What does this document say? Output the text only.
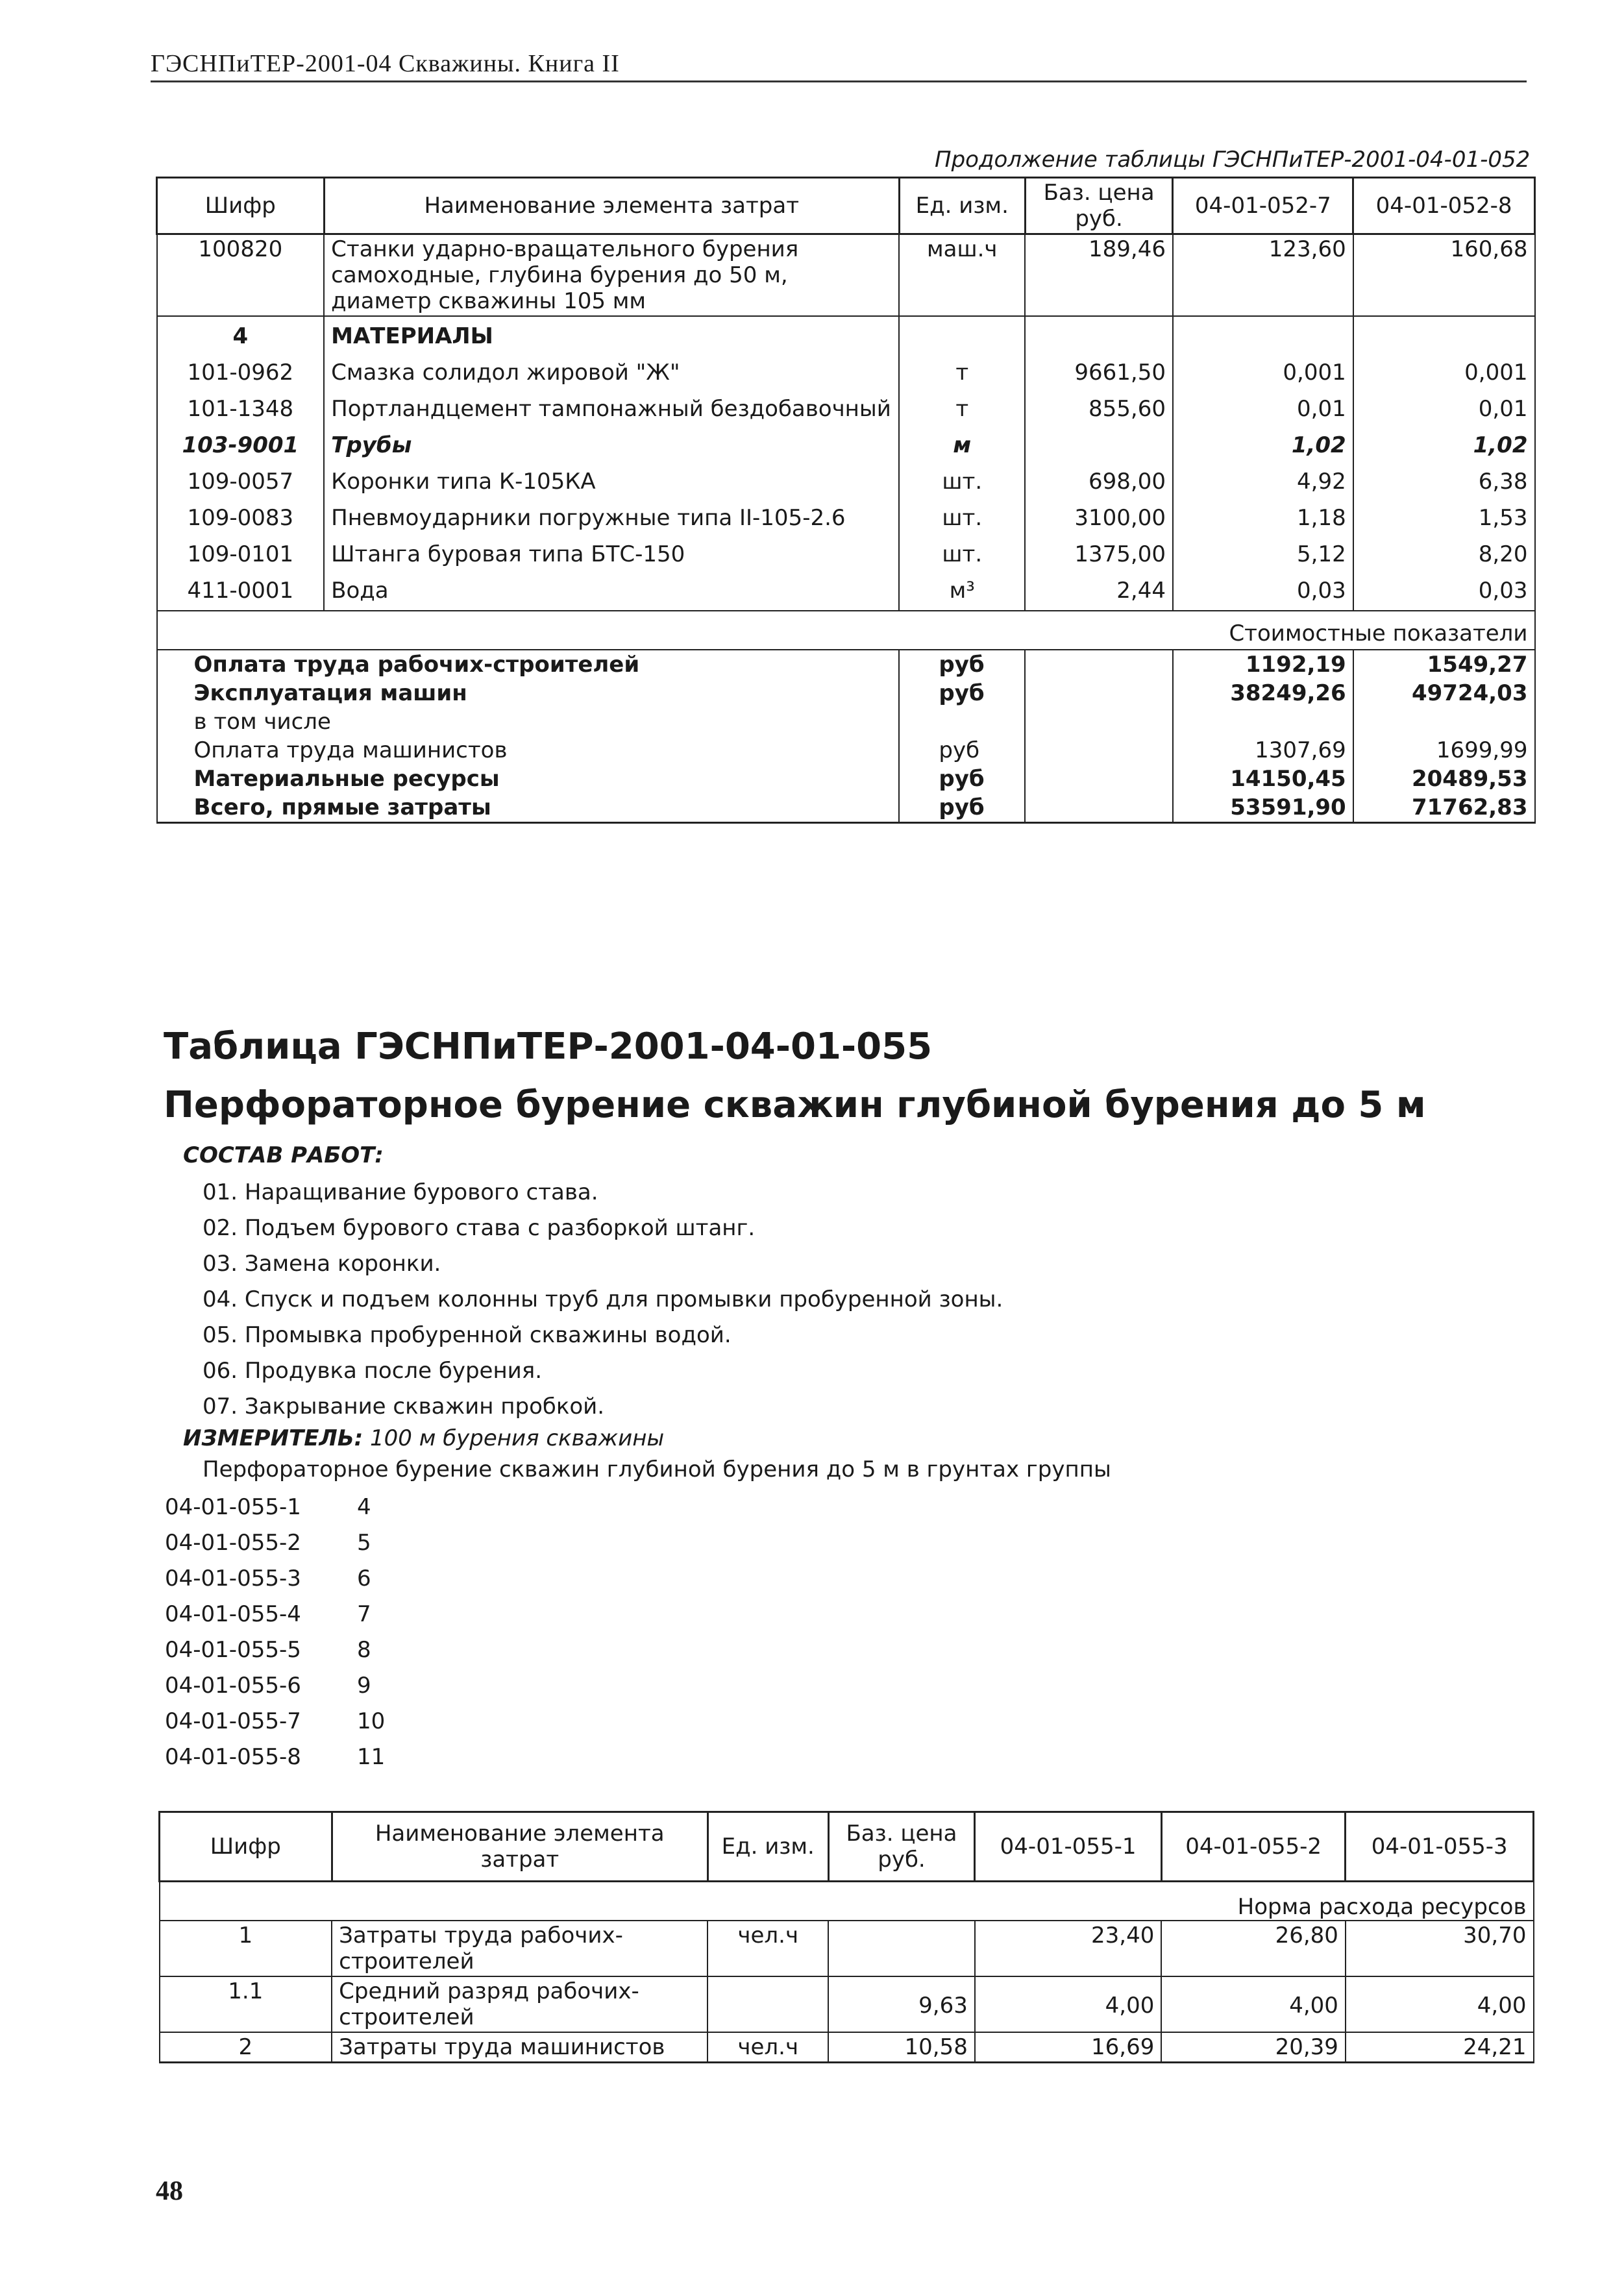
ГЭСНПиТЕР-2001-04 Скважины. Книга II
Продолжение таблицы ГЭСНПиТЕР-2001-04-01-052
Шифр	Наименование элемента затрат	Ед. изм.	Баз. цена руб.	04-01-052-7	04-01-052-8
100820	Станки ударно-вращательного бурения самоходные, глубина бурения до 50 м, диаметр скважины 105 мм	маш.ч	189,46	123,60	160,68
4	МАТЕРИАЛЫ				
101-0962	Смазка солидол жировой "Ж"	т	9661,50	0,001	0,001
101-1348	Портландцемент тампонажный бездобавочный	т	855,60	0,01	0,01
103-9001	Трубы	м		1,02	1,02
109-0057	Коронки типа К-105КА	шт.	698,00	4,92	6,38
109-0083	Пневмоударники погружные типа II-105-2.6	шт.	3100,00	1,18	1,53
109-0101	Штанга буровая типа БТС-150	шт.	1375,00	5,12	8,20
411-0001	Вода	м³	2,44	0,03	0,03
Стоимостные показатели					
Оплата труда рабочих-строителей		руб		1192,19	1549,27
Эксплуатация машин		руб		38249,26	49724,03
в том числе					
Оплата труда машинистов		руб		1307,69	1699,99
Материальные ресурсы		руб		14150,45	20489,53
Всего, прямые затраты		руб		53591,90	71762,83
Таблица ГЭСНПиТЕР-2001-04-01-055
Перфораторное бурение скважин глубиной бурения до 5 м
СОСТАВ РАБОТ:
01. Наращивание бурового става.
02. Подъем бурового става с разборкой штанг.
03. Замена коронки.
04. Спуск и подъем колонны труб для промывки пробуренной зоны.
05. Промывка пробуренной скважины водой.
06. Продувка после бурения.
07. Закрывание скважин пробкой.
ИЗМЕРИТЕЛЬ: 100 м бурения скважины
Перфораторное бурение скважин глубиной бурения до 5 м в грунтах группы
04-01-055-1	4
04-01-055-2	5
04-01-055-3	6
04-01-055-4	7
04-01-055-5	8
04-01-055-6	9
04-01-055-7	10
04-01-055-8	11
Шифр	Наименование элемента затрат	Ед. изм.	Баз. цена руб.	04-01-055-1	04-01-055-2	04-01-055-3
Норма расхода ресурсов						
1	Затраты труда рабочих-строителей	чел.ч		23,40	26,80	30,70
1.1	Средний разряд рабочих-строителей		9,63	4,00	4,00	4,00
2	Затраты труда машинистов	чел.ч	10,58	16,69	20,39	24,21
48
